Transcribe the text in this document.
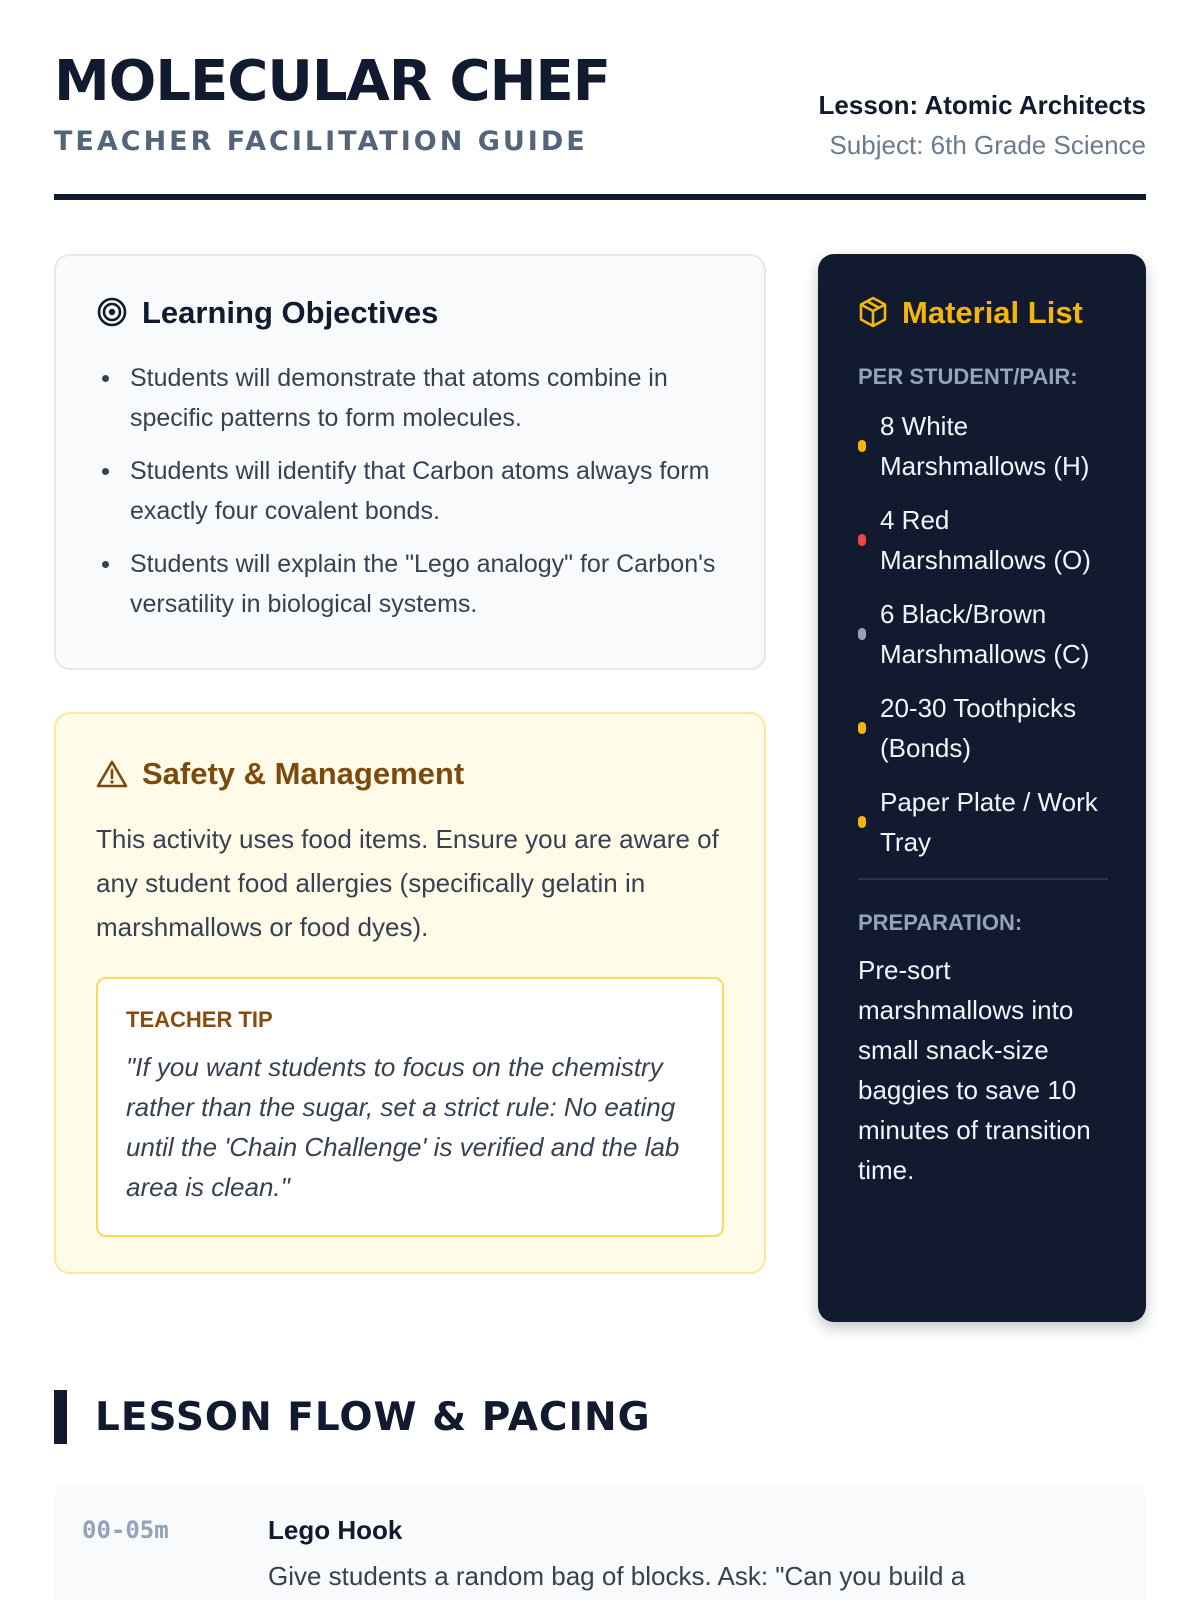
MOLECULAR CHEF
TEACHER FACILITATION GUIDE
Lesson: Atomic Architects
Subject: 6th Grade Science
Learning Objectives
Students will demonstrate that atoms combine in specific patterns to form molecules.
Students will identify that Carbon atoms always form exactly four covalent bonds.
Students will explain the "Lego analogy" for Carbon's versatility in biological systems.
Safety & Management

This activity uses food items. Ensure you are aware of any student food allergies (specifically gelatin in marshmallows or food dyes).

TEACHER TIP

"If you want students to focus on the chemistry rather than the sugar, set a strict rule: No eating until the 'Chain Challenge' is verified and the lab area is clean."

Material List
PER STUDENT/PAIR:
8 White Marshmallows (H)
4 Red Marshmallows (O)
6 Black/Brown Marshmallows (C)
20-30 Toothpicks (Bonds)
Paper Plate / Work Tray
PREPARATION:

Pre-sort marshmallows into small snack-size baggies to save 10 minutes of transition time.

LESSON FLOW & PACING
00-05m	Lego Hook

Give students a random bag of blocks. Ask: "Can you build a
